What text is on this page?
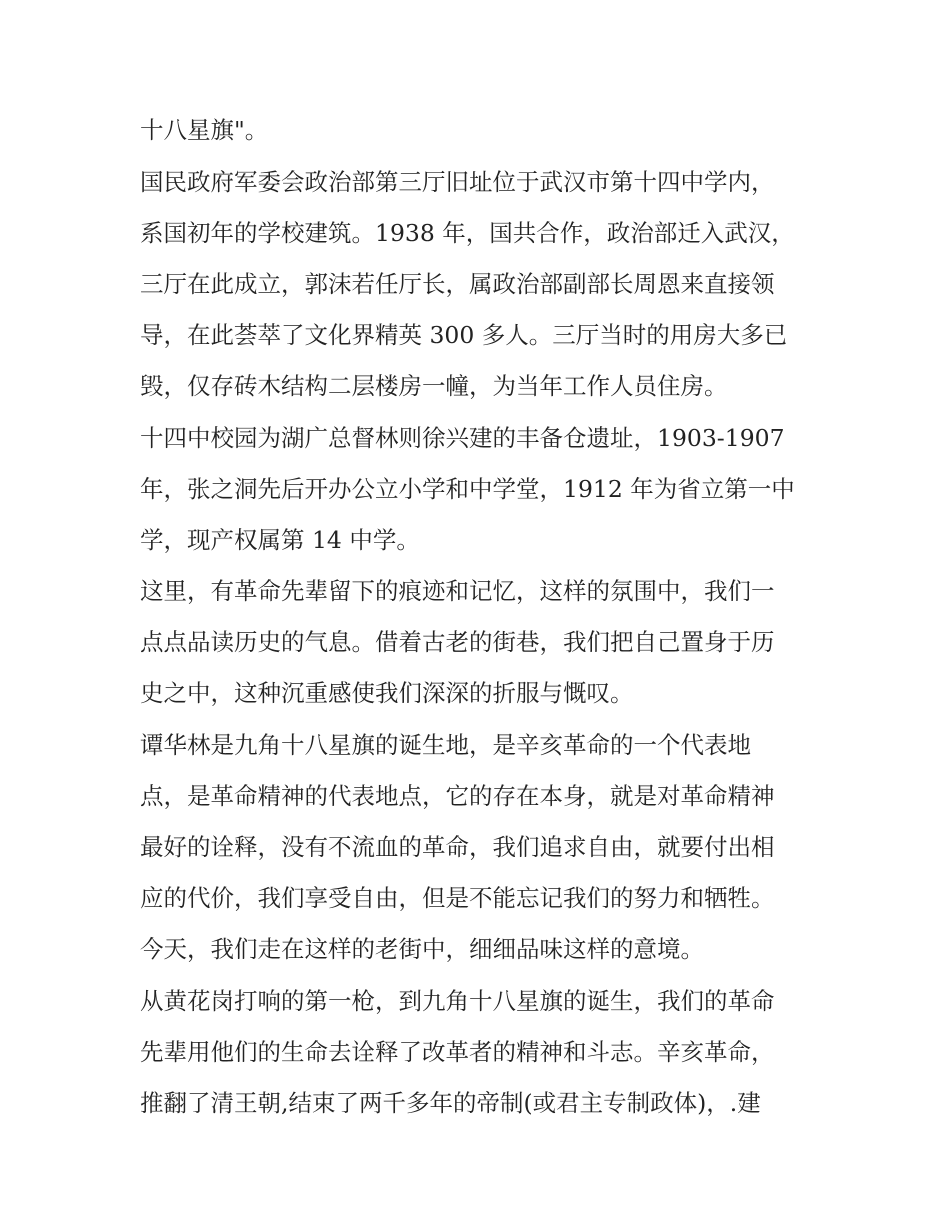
十八星旗"。
国民政府军委会政治部第三厅旧址位于武汉市第十四中学内，
系国初年的学校建筑。1938 年，国共合作，政治部迁入武汉，
三厅在此成立，郭沫若任厅长，属政治部副部长周恩来直接领
导，在此荟萃了文化界精英 300 多人。三厅当时的用房大多已
毁，仅存砖木结构二层楼房一幢，为当年工作人员住房。
十四中校园为湖广总督林则徐兴建的丰备仓遗址，1903-1907
年，张之洞先后开办公立小学和中学堂，1912 年为省立第一中
学，现产权属第 14 中学。
这里，有革命先辈留下的痕迹和记忆，这样的氛围中，我们一
点点品读历史的气息。借着古老的街巷，我们把自己置身于历
史之中，这种沉重感使我们深深的折服与慨叹。
谭华林是九角十八星旗的诞生地，是辛亥革命的一个代表地
点，是革命精神的代表地点，它的存在本身，就是对革命精神
最好的诠释，没有不流血的革命，我们追求自由，就要付出相
应的代价，我们享受自由，但是不能忘记我们的努力和牺牲。
今天，我们走在这样的老街中，细细品味这样的意境。
从黄花岗打响的第一枪，到九角十八星旗的诞生，我们的革命
先辈用他们的生命去诠释了改革者的精神和斗志。辛亥革命，
推翻了清王朝,结束了两千多年的帝制(或君主专制政体)，.建
